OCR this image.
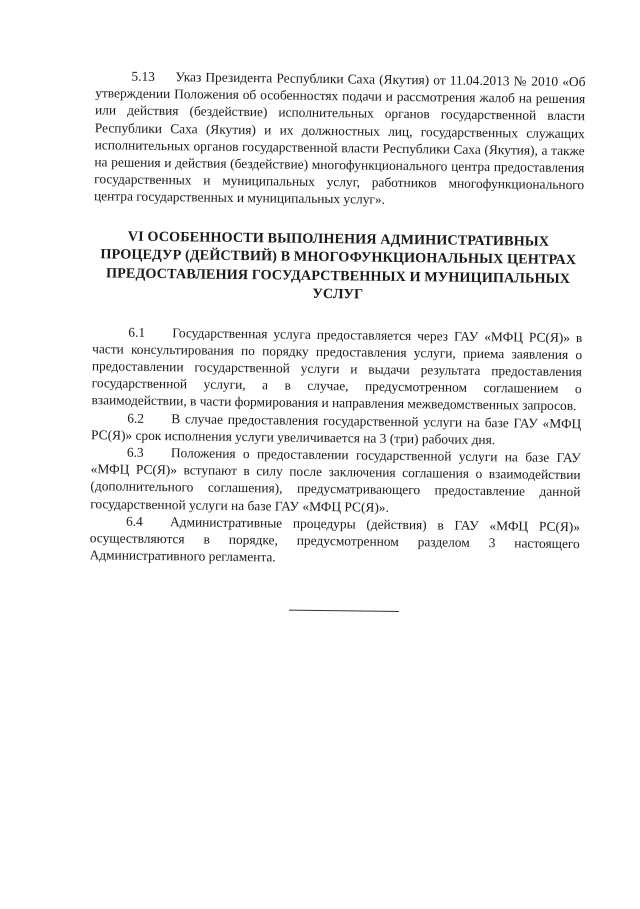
5.13 Указ Президента Республики Саха (Якутия) от 11.04.2013 № 2010 «Об утверждении Положения об особенностях подачи и рассмотрения жалоб на решения или действия (бездействие) исполнительных органов государственной власти Республики Саха (Якутия) и их должностных лиц, государственных служащих исполнительных органов государственной власти Республики Саха (Якутия), а также на решения и действия (бездействие) многофункционального центра предоставления государственных и муниципальных услуг, работников многофункционального центра государственных и муниципальных услуг».

VI ОСОБЕННОСТИ ВЫПОЛНЕНИЯ АДМИНИСТРАТИВНЫХ ПРОЦЕДУР (ДЕЙСТВИЙ) В МНОГОФУНКЦИОНАЛЬНЫХ ЦЕНТРАХ ПРЕДОСТАВЛЕНИЯ ГОСУДАРСТВЕННЫХ И МУНИЦИПАЛЬНЫХ УСЛУГ

6.1 Государственная услуга предоставляется через ГАУ «МФЦ РС(Я)» в части консультирования по порядку предоставления услуги, приема заявления о предоставлении государственной услуги и выдачи результата предоставления государственной услуги, а в случае, предусмотренном соглашением о взаимодействии, в части формирования и направления межведомственных запросов.

6.2 В случае предоставления государственной услуги на базе ГАУ «МФЦ РС(Я)» срок исполнения услуги увеличивается на 3 (три) рабочих дня.

6.3 Положения о предоставлении государственной услуги на базе ГАУ «МФЦ РС(Я)» вступают в силу после заключения соглашения о взаимодействии (дополнительного соглашения), предусматривающего предоставление данной государственной услуги на базе ГАУ «МФЦ РС(Я)».

6.4 Административные процедуры (действия) в ГАУ «МФЦ РС(Я)» осуществляются в порядке, предусмотренном разделом 3 настоящего Административного регламента.
